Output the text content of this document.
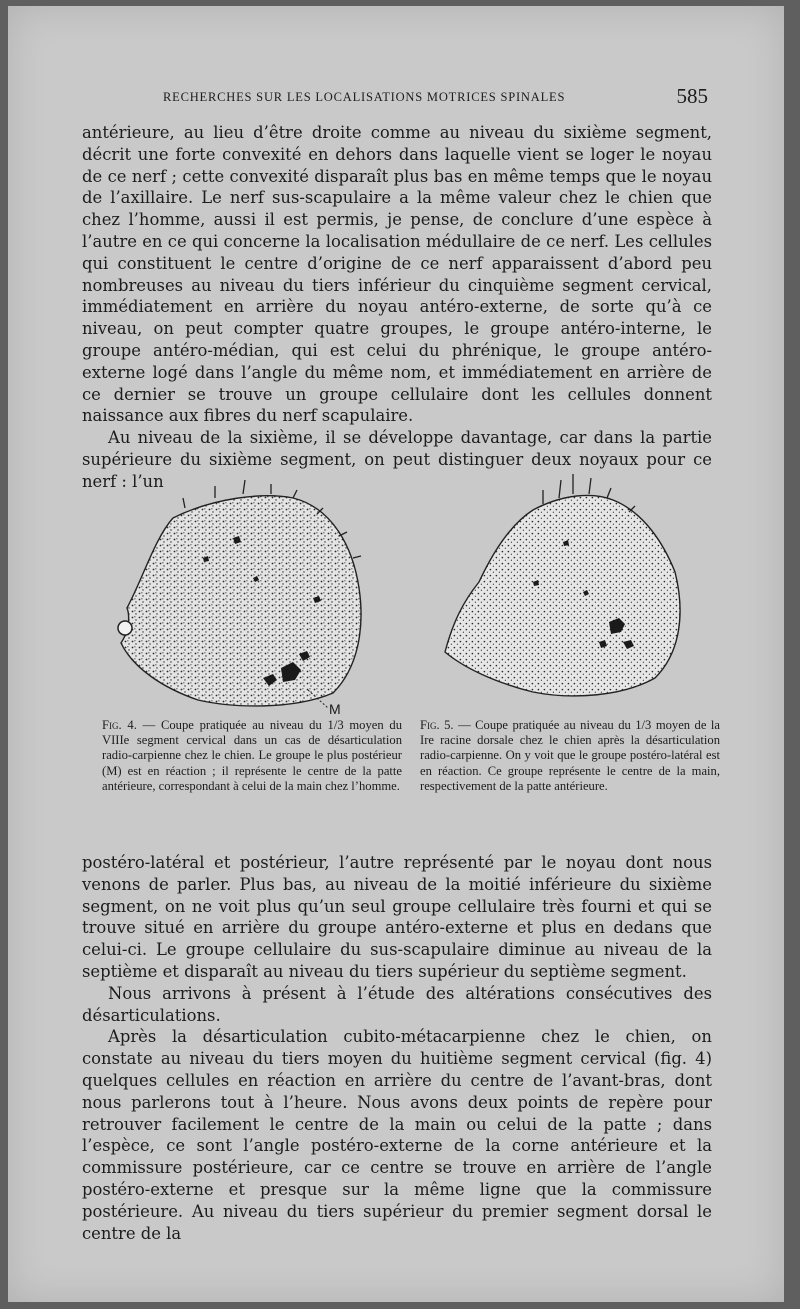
RECHERCHES SUR LES LOCALISATIONS MOTRICES SPINALES	585

antérieure, au lieu d’être droite comme au niveau du sixième segment, décrit une forte convexité en dehors dans laquelle vient se loger le noyau de ce nerf ; cette convexité disparaît plus bas en même temps que le noyau de l’axillaire. Le nerf sus-scapulaire a la même valeur chez le chien que chez l’homme, aussi il est permis, je pense, de conclure d’une espèce à l’autre en ce qui concerne la localisation médullaire de ce nerf. Les cellules qui constituent le centre d’origine de ce nerf apparaissent d’abord peu nombreuses au niveau du tiers inférieur du cinquième segment cervical, immédiatement en arrière du noyau antéro-externe, de sorte qu’à ce niveau, on peut compter quatre groupes, le groupe antéro-interne, le groupe antéro-médian, qui est celui du phrénique, le groupe antéro-externe logé dans l’angle du même nom, et immédiatement en arrière de ce dernier se trouve un groupe cellulaire dont les cellules donnent naissance aux fibres du nerf scapulaire.

Au niveau de la sixième, il se développe davantage, car dans la partie supérieure du sixième segment, on peut distinguer deux noyaux pour ce nerf : l’un

M
Fig. 4. — Coupe pratiquée au niveau du 1/3 moyen du VIIIe segment cervical dans un cas de désarticulation radio-carpienne chez le chien. Le groupe le plus postérieur (M) est en réaction ; il représente le centre de la patte antérieure, correspondant à celui de la main chez l’homme.
Fig. 5. — Coupe pratiquée au niveau du 1/3 moyen de la Ire racine dorsale chez le chien après la désarticulation radio-carpienne. On y voit que le groupe postéro-latéral est en réaction. Ce groupe représente le centre de la main, respectivement de la patte antérieure.

postéro-latéral et postérieur, l’autre représenté par le noyau dont nous venons de parler. Plus bas, au niveau de la moitié inférieure du sixième segment, on ne voit plus qu’un seul groupe cellulaire très fourni et qui se trouve situé en arrière du groupe antéro-externe et plus en dedans que celui-ci. Le groupe cellulaire du sus-scapulaire diminue au niveau de la septième et disparaît au niveau du tiers supérieur du septième segment.

Nous arrivons à présent à l’étude des altérations consécutives des désarticulations.

Après la désarticulation cubito-métacarpienne chez le chien, on constate au niveau du tiers moyen du huitième segment cervical (fig. 4) quelques cellules en réaction en arrière du centre de l’avant-bras, dont nous parlerons tout à l’heure. Nous avons deux points de repère pour retrouver facilement le centre de la main ou celui de la patte ; dans l’espèce, ce sont l’angle postéro-externe de la corne antérieure et la commissure postérieure, car ce centre se trouve en arrière de l’angle postéro-externe et presque sur la même ligne que la commissure postérieure. Au niveau du tiers supérieur du premier segment dorsal le centre de la
